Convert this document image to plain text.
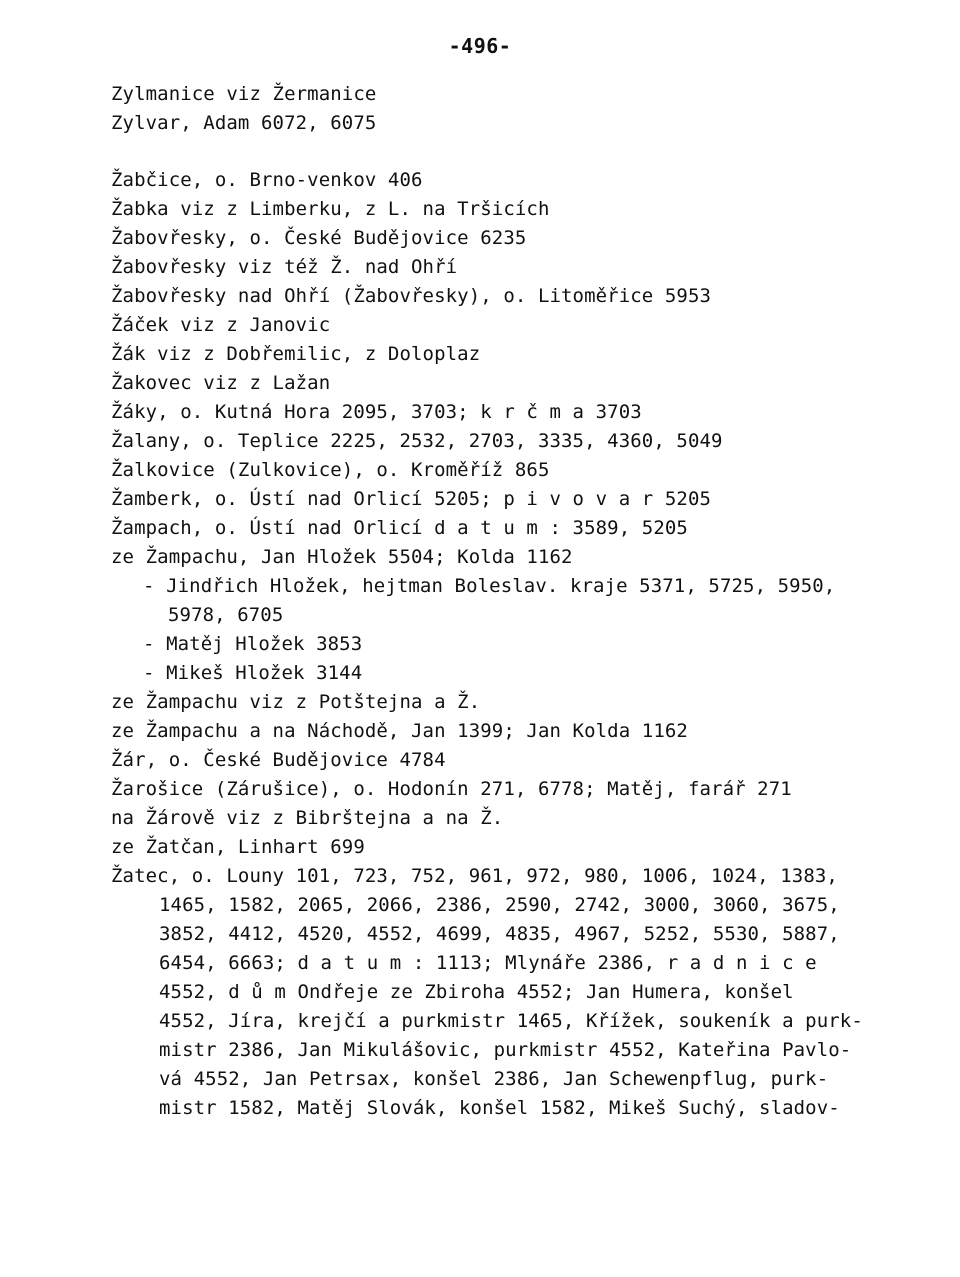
-496-
Zylmanice viz Žermanice
Zylvar, Adam 6072, 6075
Žabčice, o. Brno-venkov 406
Žabka viz z Limberku, z L. na Tršicích
Žabovřesky, o. České Budějovice 6235
Žabovřesky viz též Ž. nad Ohří
Žabovřesky nad Ohří (Žabovřesky), o. Litoměřice 5953
Žáček viz z Janovic
Žák viz z Dobřemilic, z Doloplaz
Žakovec viz z Lažan
Žáky, o. Kutná Hora 2095, 3703; k r č m a 3703
Žalany, o. Teplice 2225, 2532, 2703, 3335, 4360, 5049
Žalkovice (Zulkovice), o. Kroměříž 865
Žamberk, o. Ústí nad Orlicí 5205; p i v o v a r 5205
Žampach, o. Ústí nad Orlicí d a t u m : 3589, 5205
ze Žampachu, Jan Hložek 5504; Kolda 1162
- Jindřich Hložek, hejtman Boleslav. kraje 5371, 5725, 5950,
5978, 6705
- Matěj Hložek 3853
- Mikeš Hložek 3144
ze Žampachu viz z Potštejna a Ž.
ze Žampachu a na Náchodě, Jan 1399; Jan Kolda 1162
Žár, o. České Budějovice 4784
Žarošice (Zárušice), o. Hodonín 271, 6778; Matěj, farář 271
na Žárově viz z Bibrštejna a na Ž.
ze Žatčan, Linhart 699
Žatec, o. Louny 101, 723, 752, 961, 972, 980, 1006, 1024, 1383,
1465, 1582, 2065, 2066, 2386, 2590, 2742, 3000, 3060, 3675,
3852, 4412, 4520, 4552, 4699, 4835, 4967, 5252, 5530, 5887,
6454, 6663; d a t u m : 1113; Mlynáře 2386, r a d n i c e
4552, d ů m Ondřeje ze Zbiroha 4552; Jan Humera, konšel
4552, Jíra, krejčí a purkmistr 1465, Křížek, soukeník a purk-
mistr 2386, Jan Mikulášovic, purkmistr 4552, Kateřina Pavlo-
vá 4552, Jan Petrsax, konšel 2386, Jan Schewenpflug, purk-
mistr 1582, Matěj Slovák, konšel 1582, Mikeš Suchý, sladov-
